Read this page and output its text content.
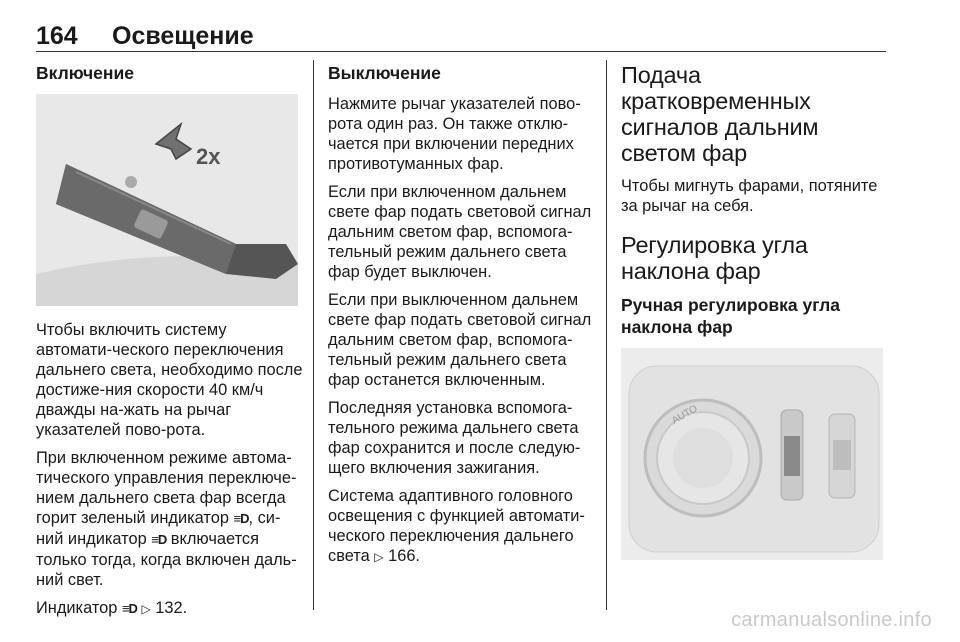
164 Освещение
Включение
2x

Чтобы включить систему автомати-ческого переключения дальнего света, необходимо после достиже-ния скорости 40 км/ч дважды на-жать на рычаг указателей пово-рота.

При включенном режиме автома-тического управления переключе-нием дальнего света фар всегда горит зеленый индикатор ≡D, си-ний индикатор ≡D включается только тогда, когда включен даль-ний свет.

Индикатор ≡D ▷ 132.

Выключение

Нажмите рычаг указателей пово-рота один раз. Он также отклю-чается при включении передних противотуманных фар.

Если при включенном дальнем свете фар подать световой сигнал дальним светом фар, вспомога-тельный режим дальнего света фар будет выключен.

Если при выключенном дальнем свете фар подать световой сигнал дальним светом фар, вспомога-тельный режим дальнего света фар останется включенным.

Последняя установка вспомога-тельного режима дальнего света фар сохранится и после следую-щего включения зажигания.

Система адаптивного головного освещения с функцией автомати-ческого переключения дальнего света ▷ 166.

Подача кратковременных сигналов дальним светом фар

Чтобы мигнуть фарами, потяните за рычаг на себя.

Регулировка угла наклона фар
Ручная регулировка угла наклона фар
AUTO
carmanualsonline.info
